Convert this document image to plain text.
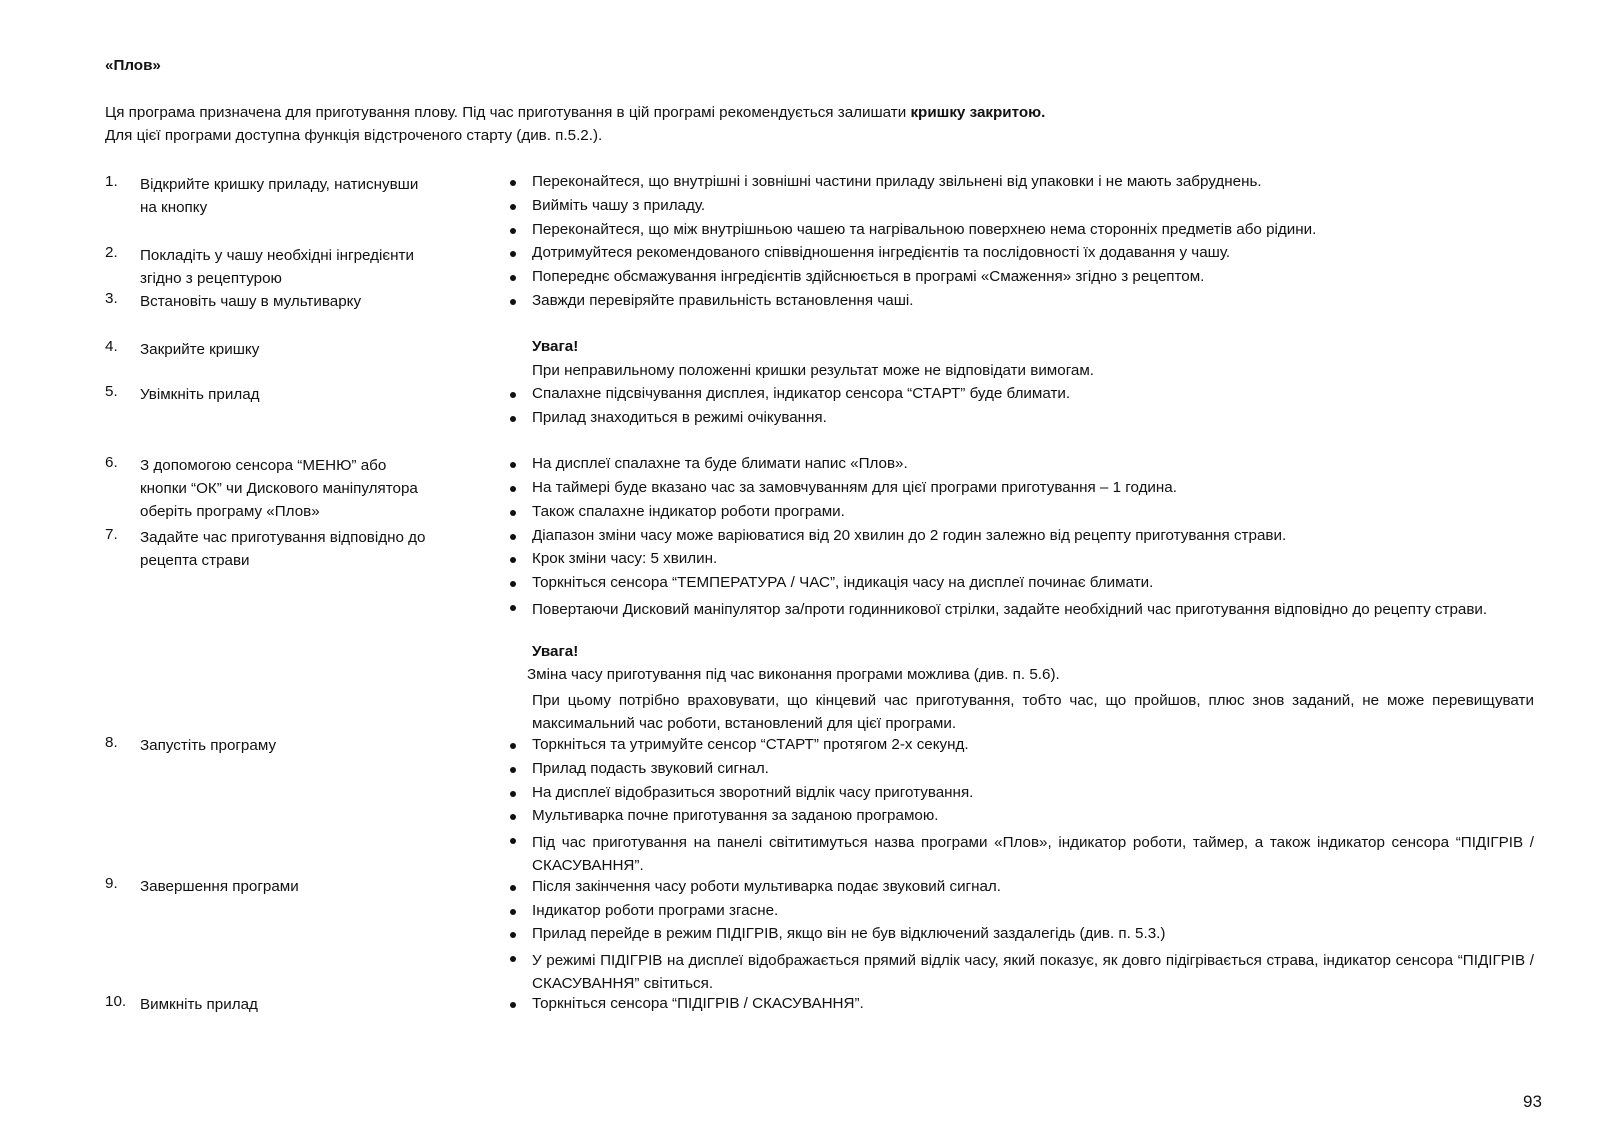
«Плов»
Ця програма призначена для приготування плову. Під час приготування в цій програмі рекомендується залишати кришку закритою.
Для цієї програми доступна функція відстроченого старту (див. п.5.2.).
1. Відкрийте кришку приладу, натиснувши
на кнопку
2. Покладіть у чашу необхідні інгредієнти
згідно з рецептурою
3. Встановіть чашу в мультиварку
4. Закрийте кришку
5. Увімкніть прилад
6. З допомогою сенсора “МЕНЮ” або
кнопки “ОК” чи Дискового маніпулятора
оберіть програму «Плов»
7. Задайте час приготування відповідно до
рецепта страви
8. Запустіть програму
9. Завершення програми
10. Вимкніть прилад
Переконайтеся, що внутрішні і зовнішні частини приладу звільнені від упаковки і не мають забруднень.
Вийміть чашу з приладу.
Переконайтеся, що між внутрішньою чашею та нагрівальною поверхнею нема сторонніх предметів або рідини.
Дотримуйтеся рекомендованого співвідношення інгредієнтів та послідовності їх додавання у чашу.
Попереднє обсмажування інгредієнтів здійснюється в програмі «Смаження» згідно з рецептом.
Завжди перевіряйте правильність встановлення чаші.
Увага!
При неправильному положенні кришки результат може не відповідати вимогам.
Спалахне підсвічування дисплея, індикатор сенсора “СТАРТ” буде блимати.
Прилад знаходиться в режимі очікування.
На дисплеї спалахне та буде блимати напис «Плов».
На таймері буде вказано час за замовчуванням для цієї програми приготування – 1 година.
Також спалахне індикатор роботи програми.
Діапазон зміни часу може варіюватися від 20 хвилин до 2 годин залежно від рецепту приготування страви.
Крок зміни часу: 5 хвилин.
Торкніться сенсора “ТЕМПЕРАТУРА / ЧАС”, індикація часу на дисплеї починає блимати.
Повертаючи Дисковий маніпулятор за/проти годинникової стрілки, задайте необхідний час приготування відповідно до рецепту страви.
Увага!
Зміна часу приготування під час виконання програми можлива (див. п. 5.6).
При цьому потрібно враховувати, що кінцевий час приготування, тобто час, що пройшов, плюс знов заданий, не може перевищувати максимальний час роботи, встановлений для цієї програми.
Торкніться та утримуйте сенсор “СТАРТ” протягом 2-х секунд.
Прилад подасть звуковий сигнал.
На дисплеї відобразиться зворотний відлік часу приготування.
Мультиварка почне приготування за заданою програмою.
Під час приготування на панелі світитимуться назва програми «Плов», індикатор роботи, таймер, а також індикатор сенсора “ПІДІГРІВ / СКАСУВАННЯ”.
Після закінчення часу роботи мультиварка подає звуковий сигнал.
Індикатор роботи програми згасне.
Прилад перейде в режим ПІДІГРІВ, якщо він не був відключений заздалегідь (див. п. 5.3.)
У режимі ПІДІГРІВ на дисплеї відображається прямий відлік часу, який показує, як довго підігрівається страва, індикатор сенсора “ПІДІГРІВ / СКАСУВАННЯ” світиться.
Торкніться сенсора “ПІДІГРІВ / СКАСУВАННЯ”.
93
